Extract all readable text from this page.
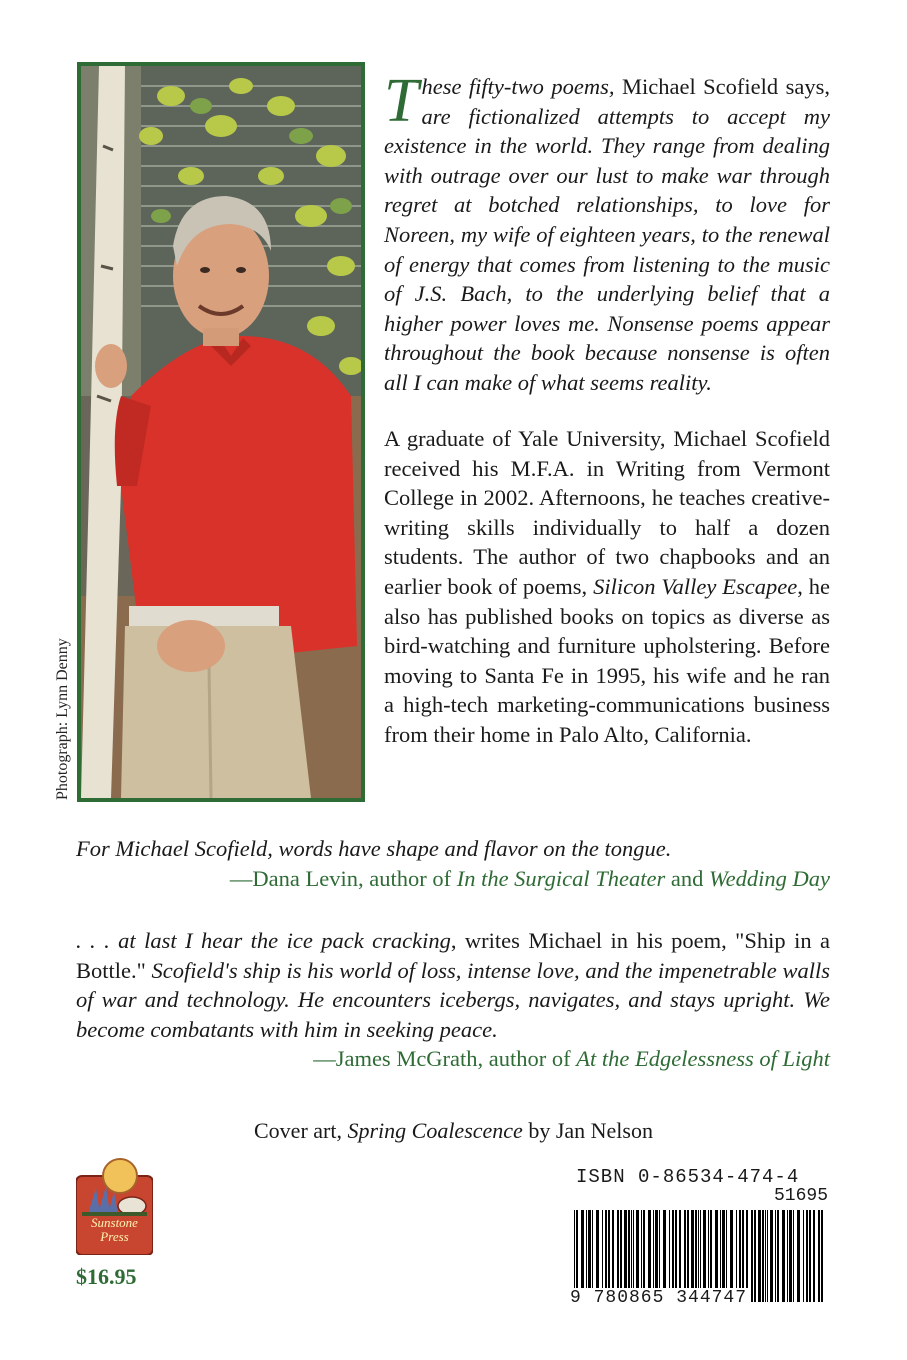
Photograph: Lynn Denny

These fifty-two poems, Michael Scofield says, are fictionalized attempts to accept my existence in the world. They range from dealing with outrage over our lust to make war through regret at botched relationships, to love for Noreen, my wife of eighteen years, to the renewal of energy that comes from listening to the music of J.S. Bach, to the underlying belief that a higher power loves me. Nonsense poems appear throughout the book because nonsense is often all I can make of what seems reality.

A graduate of Yale University, Michael Scofield received his M.F.A. in Writing from Vermont College in 2002. Afternoons, he teaches creative-writing skills individually to half a dozen students. The author of two chapbooks and an earlier book of poems, Silicon Valley Escapee, he also has published books on topics as diverse as bird-watching and furniture upholstering. Before moving to Santa Fe in 1995, his wife and he ran a high-tech marketing-communications business from their home in Palo Alto, California.

For Michael Scofield, words have shape and flavor on the tongue.
—Dana Levin, author of In the Surgical Theater and Wedding Day
. . . at last I hear the ice pack cracking, writes Michael in his poem, "Ship in a Bottle." Scofield's ship is his world of loss, intense love, and the impenetrable walls of war and technology. He encounters icebergs, navigates, and stays upright. We become combatants with him in seeking peace.
—James McGrath, author of At the Edgelessness of Light

Cover art, Spring Coalescence by Jan Nelson

Sunstone
Press
$16.95
ISBN 0-86534-474-4
51695
9 780865 344747
